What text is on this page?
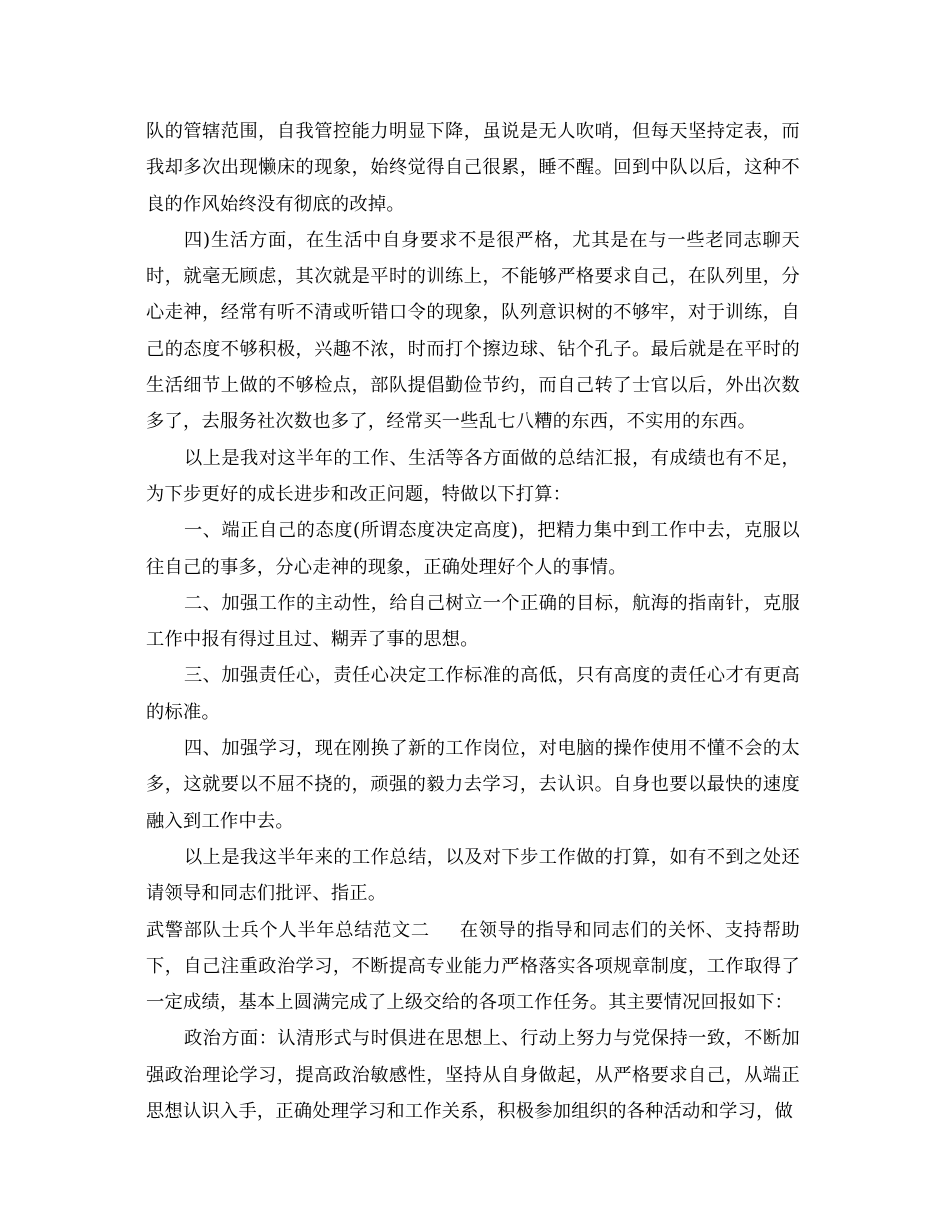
队的管辖范围，自我管控能力明显下降，虽说是无人吹哨，但每天坚持定表，而我却多次出现懒床的现象，始终觉得自己很累，睡不醒。回到中队以后，这种不良的作风始终没有彻底的改掉。

四)生活方面，在生活中自身要求不是很严格，尤其是在与一些老同志聊天时，就毫无顾虑，其次就是平时的训练上，不能够严格要求自己，在队列里，分心走神，经常有听不清或听错口令的现象，队列意识树的不够牢，对于训练，自己的态度不够积极，兴趣不浓，时而打个擦边球、钻个孔子。最后就是在平时的生活细节上做的不够检点，部队提倡勤俭节约，而自己转了士官以后，外出次数多了，去服务社次数也多了，经常买一些乱七八糟的东西，不实用的东西。

以上是我对这半年的工作、生活等各方面做的总结汇报，有成绩也有不足，为下步更好的成长进步和改正问题，特做以下打算：

一、端正自己的态度(所谓态度决定高度)，把精力集中到工作中去，克服以往自己的事多，分心走神的现象，正确处理好个人的事情。

二、加强工作的主动性，给自己树立一个正确的目标，航海的指南针，克服工作中报有得过且过、糊弄了事的思想。

三、加强责任心，责任心决定工作标准的高低，只有高度的责任心才有更高的标准。

四、加强学习，现在刚换了新的工作岗位，对电脑的操作使用不懂不会的太多，这就要以不屈不挠的，顽强的毅力去学习，去认识。自身也要以最快的速度融入到工作中去。

以上是我这半年来的工作总结，以及对下步工作做的打算，如有不到之处还请领导和同志们批评、指正。

武警部队士兵个人半年总结范文二 在领导的指导和同志们的关怀、支持帮助下，自己注重政治学习，不断提高专业能力严格落实各项规章制度，工作取得了一定成绩，基本上圆满完成了上级交给的各项工作任务。其主要情况回报如下：

政治方面：认清形式与时俱进在思想上、行动上努力与党保持一致，不断加强政治理论学习，提高政治敏感性，坚持从自身做起，从严格要求自己，从端正思想认识入手，正确处理学习和工作关系，积极参加组织的各种活动和学习，做
